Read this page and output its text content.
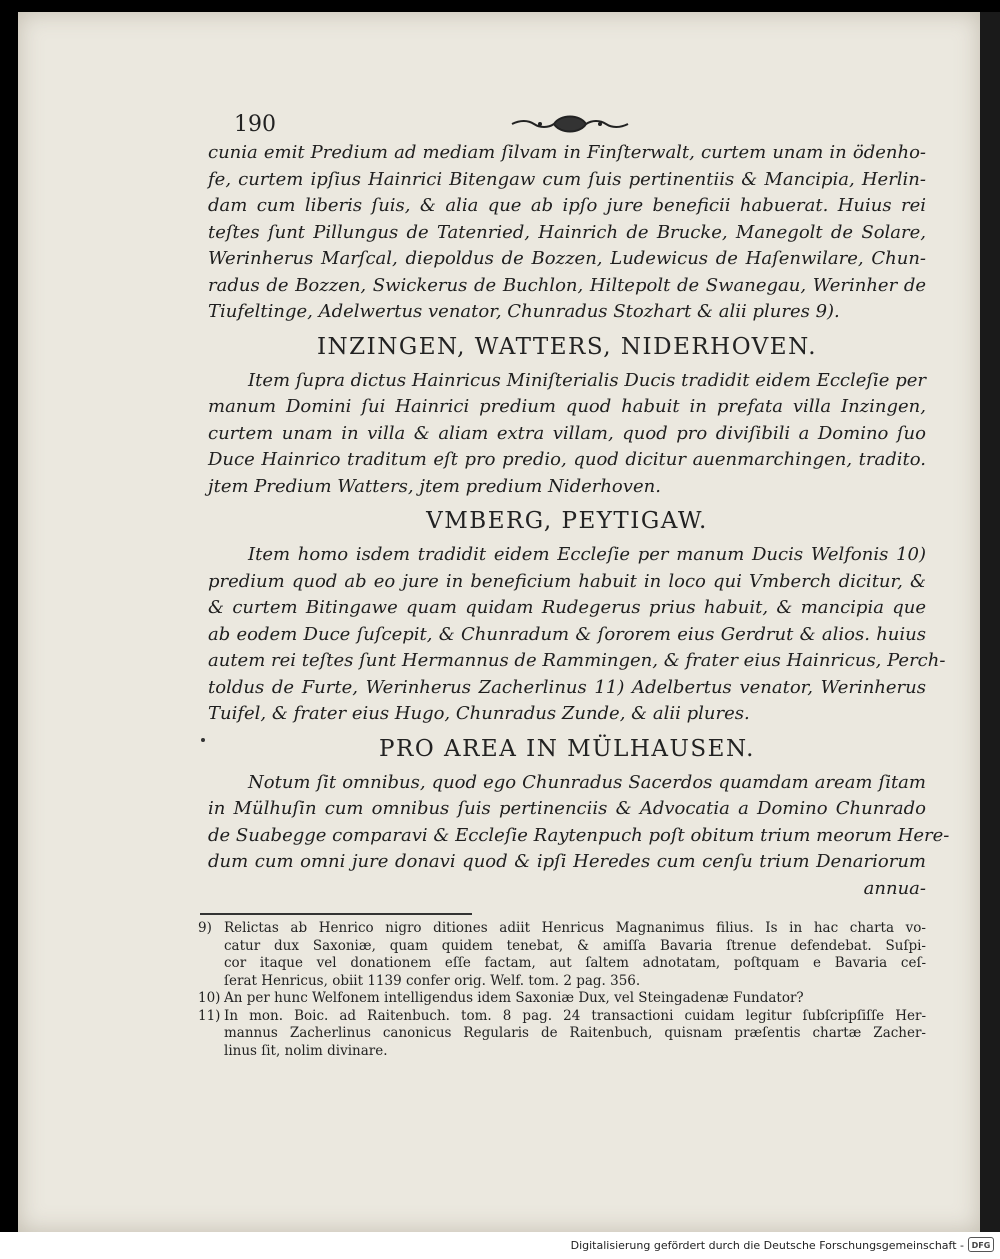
190
cunia emit Predium ad mediam ſilvam in Finſterwalt, curtem unam in ödenho-
fe, curtem ipſius Hainrici Bitengaw cum ſuis pertinentiis & Mancipia, Herlin-
dam cum liberis ſuis, & alia que ab ipſo jure beneficii habuerat. Huius rei
teſtes ſunt Pillungus de Tatenried, Hainrich de Brucke, Manegolt de Solare,
Werinherus Marſcal, diepoldus de Bozzen, Ludewicus de Haſenwilare, Chun-
radus de Bozzen, Swickerus de Buchlon, Hiltepolt de Swanegau, Werinher de
Tiufeltinge, Adelwertus venator, Chunradus Stozhart & alii plures 9).
INZINGEN, WATTERS, NIDERHOVEN.
Item ſupra dictus Hainricus Miniſterialis Ducis tradidit eidem Eccleſie per
manum Domini ſui Hainrici predium quod habuit in prefata villa Inzingen,
curtem unam in villa & aliam extra villam, quod pro diviſibili a Domino ſuo
Duce Hainrico traditum eſt pro predio, quod dicitur auenmarchingen, tradito.
jtem Predium Watters, jtem predium Niderhoven.
VMBERG, PEYTIGAW.
Item homo isdem tradidit eidem Eccleſie per manum Ducis Welfonis 10)
predium quod ab eo jure in beneficium habuit in loco qui Vmberch dicitur, &
& curtem Bitingawe quam quidam Rudegerus prius habuit, & mancipia que
ab eodem Duce ſuſcepit, & Chunradum & ſororem eius Gerdrut & alios. huius
autem rei teſtes ſunt Hermannus de Rammingen, & frater eius Hainricus, Perch-
toldus de Furte, Werinherus Zacherlinus 11) Adelbertus venator, Werinherus
Tuifel, & frater eius Hugo, Chunradus Zunde, & alii plures.
PRO AREA IN MÜLHAUSEN.
Notum ſit omnibus, quod ego Chunradus Sacerdos quamdam aream ſitam
in Mülhuſin cum omnibus ſuis pertinenciis & Advocatia a Domino Chunrado
de Suabegge comparavi & Eccleſie Raytenpuch poſt obitum trium meorum Here-
dum cum omni jure donavi quod & ipſi Heredes cum cenſu trium Denariorum
annua-
9) Relictas ab Henrico nigro ditiones adiit Henricus Magnanimus filius. Is in hac charta vo-
catur dux Saxoniæ, quam quidem tenebat, & amiſſa Bavaria ſtrenue defendebat. Suſpi-
cor itaque vel donationem eſſe factam, aut ſaltem adnotatam, poſtquam e Bavaria ceſ-
ſerat Henricus, obiit 1139 confer orig. Welf. tom. 2 pag. 356.
10) An per hunc Welfonem intelligendus idem Saxoniæ Dux, vel Steingadenæ Fundator?
11) In mon. Boic. ad Raitenbuch. tom. 8 pag. 24 transactioni cuidam legitur ſubſcripſiſſe Her-
mannus Zacherlinus canonicus Regularis de Raitenbuch, quisnam præſentis chartæ Zacher-
linus ſit, nolim divinare.
Digitalisierung gefördert durch die Deutsche Forschungsgemeinschaft - DFG
